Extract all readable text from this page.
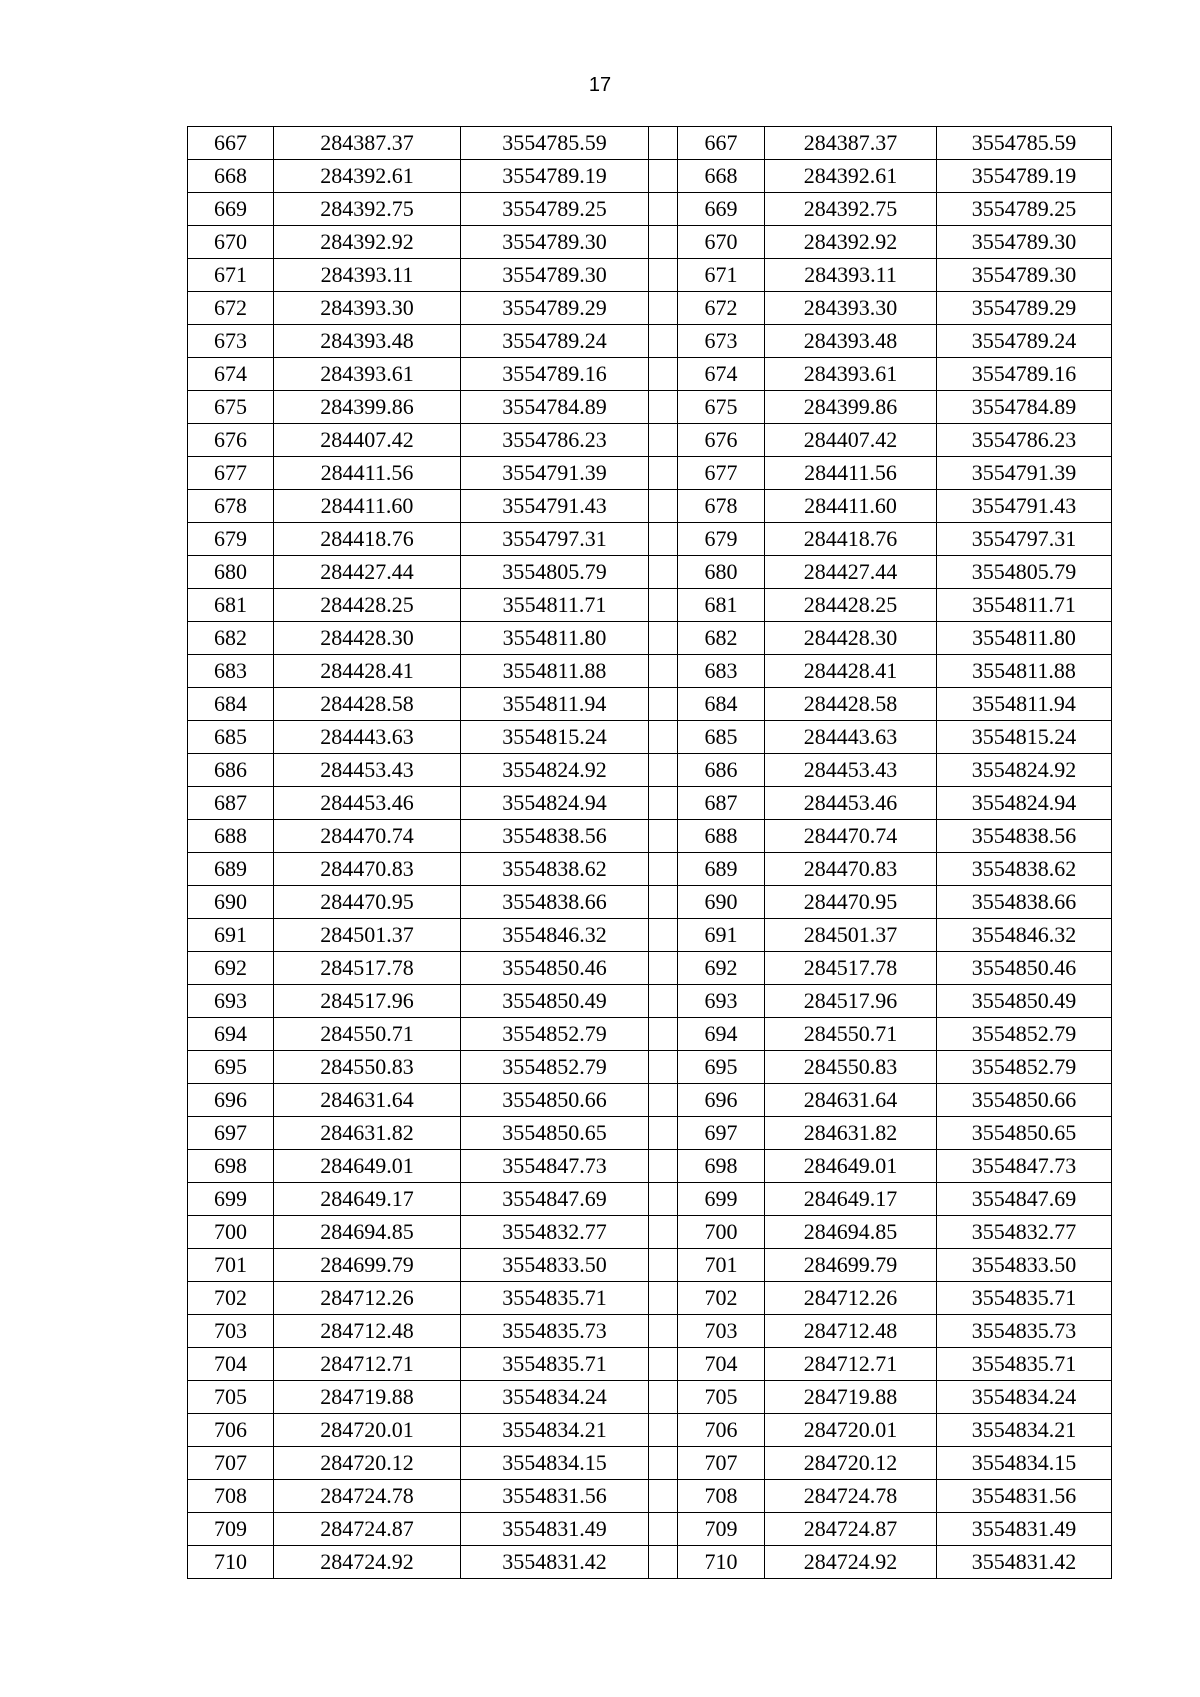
17
667	284387.37	3554785.59		667	284387.37	3554785.59
668	284392.61	3554789.19		668	284392.61	3554789.19
669	284392.75	3554789.25		669	284392.75	3554789.25
670	284392.92	3554789.30		670	284392.92	3554789.30
671	284393.11	3554789.30		671	284393.11	3554789.30
672	284393.30	3554789.29		672	284393.30	3554789.29
673	284393.48	3554789.24		673	284393.48	3554789.24
674	284393.61	3554789.16		674	284393.61	3554789.16
675	284399.86	3554784.89		675	284399.86	3554784.89
676	284407.42	3554786.23		676	284407.42	3554786.23
677	284411.56	3554791.39		677	284411.56	3554791.39
678	284411.60	3554791.43		678	284411.60	3554791.43
679	284418.76	3554797.31		679	284418.76	3554797.31
680	284427.44	3554805.79		680	284427.44	3554805.79
681	284428.25	3554811.71		681	284428.25	3554811.71
682	284428.30	3554811.80		682	284428.30	3554811.80
683	284428.41	3554811.88		683	284428.41	3554811.88
684	284428.58	3554811.94		684	284428.58	3554811.94
685	284443.63	3554815.24		685	284443.63	3554815.24
686	284453.43	3554824.92		686	284453.43	3554824.92
687	284453.46	3554824.94		687	284453.46	3554824.94
688	284470.74	3554838.56		688	284470.74	3554838.56
689	284470.83	3554838.62		689	284470.83	3554838.62
690	284470.95	3554838.66		690	284470.95	3554838.66
691	284501.37	3554846.32		691	284501.37	3554846.32
692	284517.78	3554850.46		692	284517.78	3554850.46
693	284517.96	3554850.49		693	284517.96	3554850.49
694	284550.71	3554852.79		694	284550.71	3554852.79
695	284550.83	3554852.79		695	284550.83	3554852.79
696	284631.64	3554850.66		696	284631.64	3554850.66
697	284631.82	3554850.65		697	284631.82	3554850.65
698	284649.01	3554847.73		698	284649.01	3554847.73
699	284649.17	3554847.69		699	284649.17	3554847.69
700	284694.85	3554832.77		700	284694.85	3554832.77
701	284699.79	3554833.50		701	284699.79	3554833.50
702	284712.26	3554835.71		702	284712.26	3554835.71
703	284712.48	3554835.73		703	284712.48	3554835.73
704	284712.71	3554835.71		704	284712.71	3554835.71
705	284719.88	3554834.24		705	284719.88	3554834.24
706	284720.01	3554834.21		706	284720.01	3554834.21
707	284720.12	3554834.15		707	284720.12	3554834.15
708	284724.78	3554831.56		708	284724.78	3554831.56
709	284724.87	3554831.49		709	284724.87	3554831.49
710	284724.92	3554831.42		710	284724.92	3554831.42
